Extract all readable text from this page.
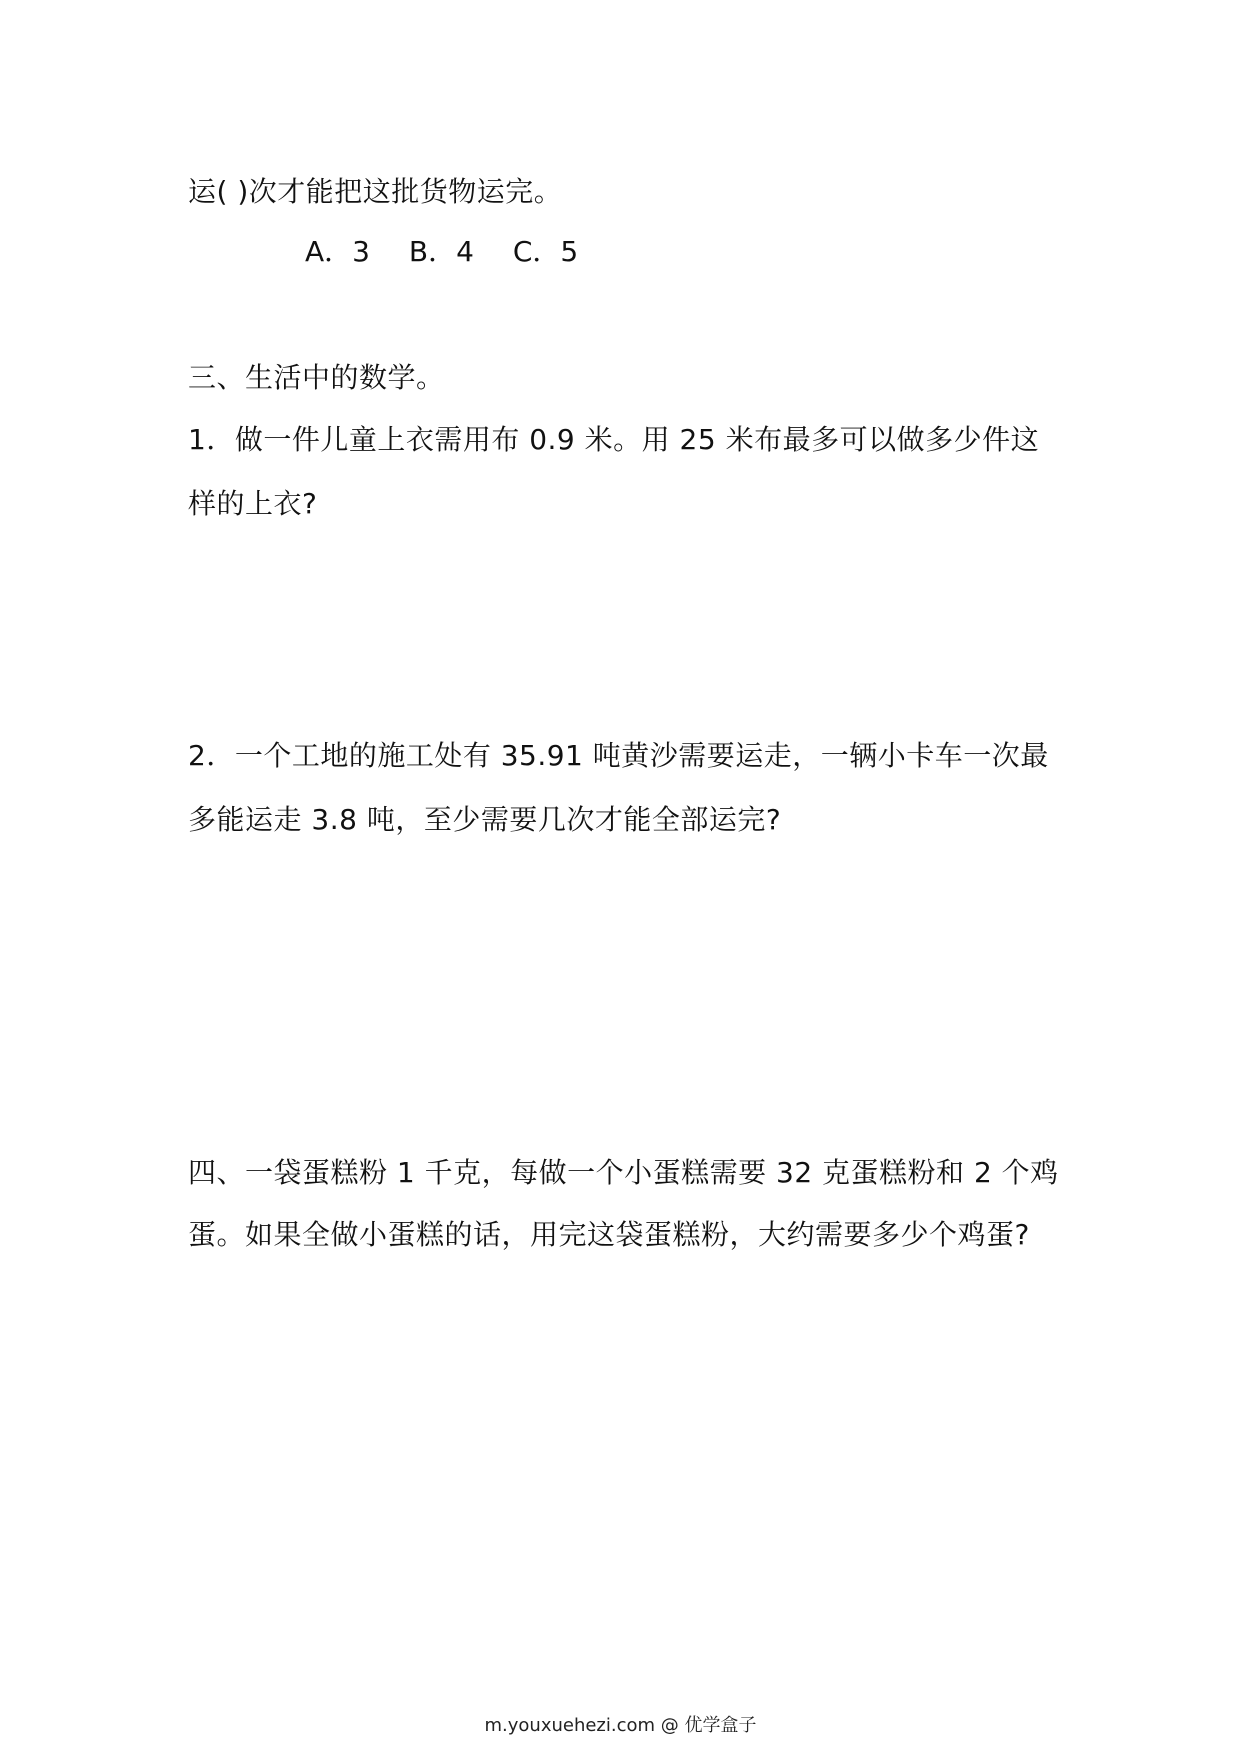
运( )次才能把这批货物运完。
A．3 B．4 C．5
三、生活中的数学。
1．做一件儿童上衣需用布 0.9 米。用 25 米布最多可以做多少件这
样的上衣?
2．一个工地的施工处有 35.91 吨黄沙需要运走，一辆小卡车一次最
多能运走 3.8 吨，至少需要几次才能全部运完?
四、一袋蛋糕粉 1 千克，每做一个小蛋糕需要 32 克蛋糕粉和 2 个鸡
蛋。如果全做小蛋糕的话，用完这袋蛋糕粉，大约需要多少个鸡蛋?
m.youxuehezi.com @ 优学盒子
